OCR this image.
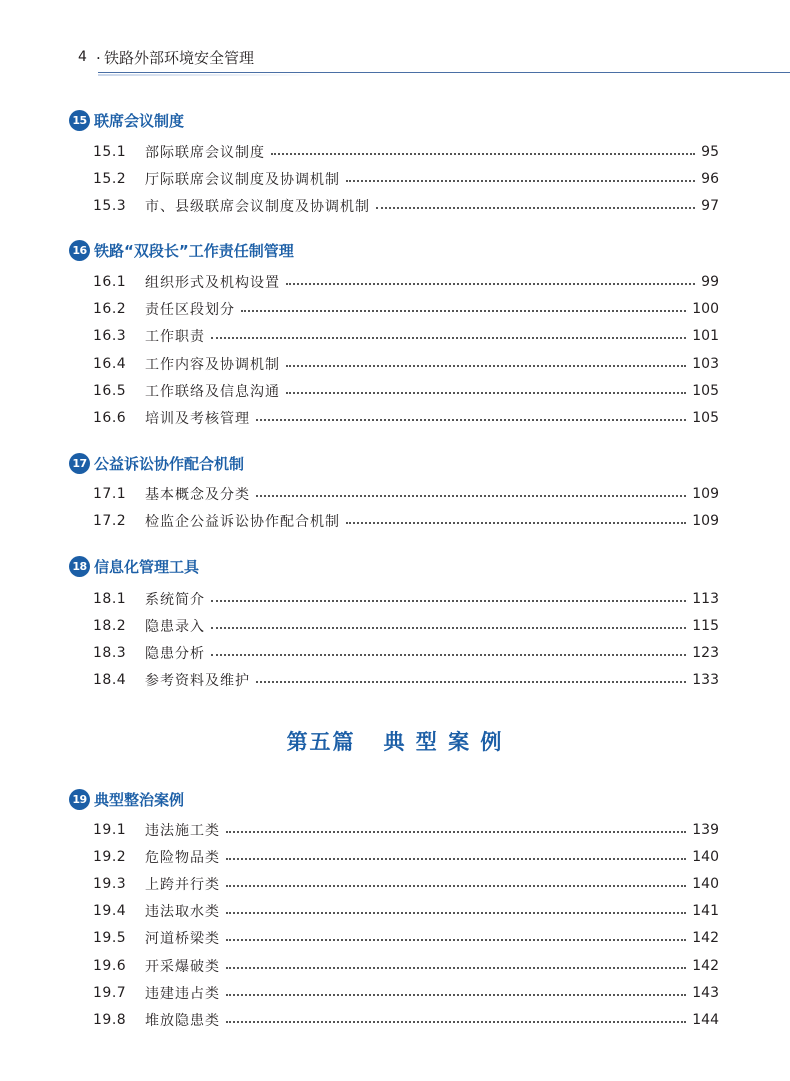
4
. 铁路外部环境安全管理
15 联席会议制度
15.1	部际联席会议制度	95
15.2	厅际联席会议制度及协调机制	96
15.3	市、县级联席会议制度及协调机制	97
16 铁路“双段长”工作责任制管理
16.1	组织形式及机构设置	99
16.2	责任区段划分	100
16.3	工作职责	101
16.4	工作内容及协调机制	103
16.5	工作联络及信息沟通	105
16.6	培训及考核管理	105
17 公益诉讼协作配合机制
17.1	基本概念及分类	109
17.2	检监企公益诉讼协作配合机制	109
18 信息化管理工具
18.1	系统简介	113
18.2	隐患录入	115
18.3	隐患分析	123
18.4	参考资料及维护	133
第五篇   典 型 案 例
19 典型整治案例
19.1	违法施工类	139
19.2	危险物品类	140
19.3	上跨并行类	140
19.4	违法取水类	141
19.5	河道桥梁类	142
19.6	开采爆破类	142
19.7	违建违占类	143
19.8	堆放隐患类	144
